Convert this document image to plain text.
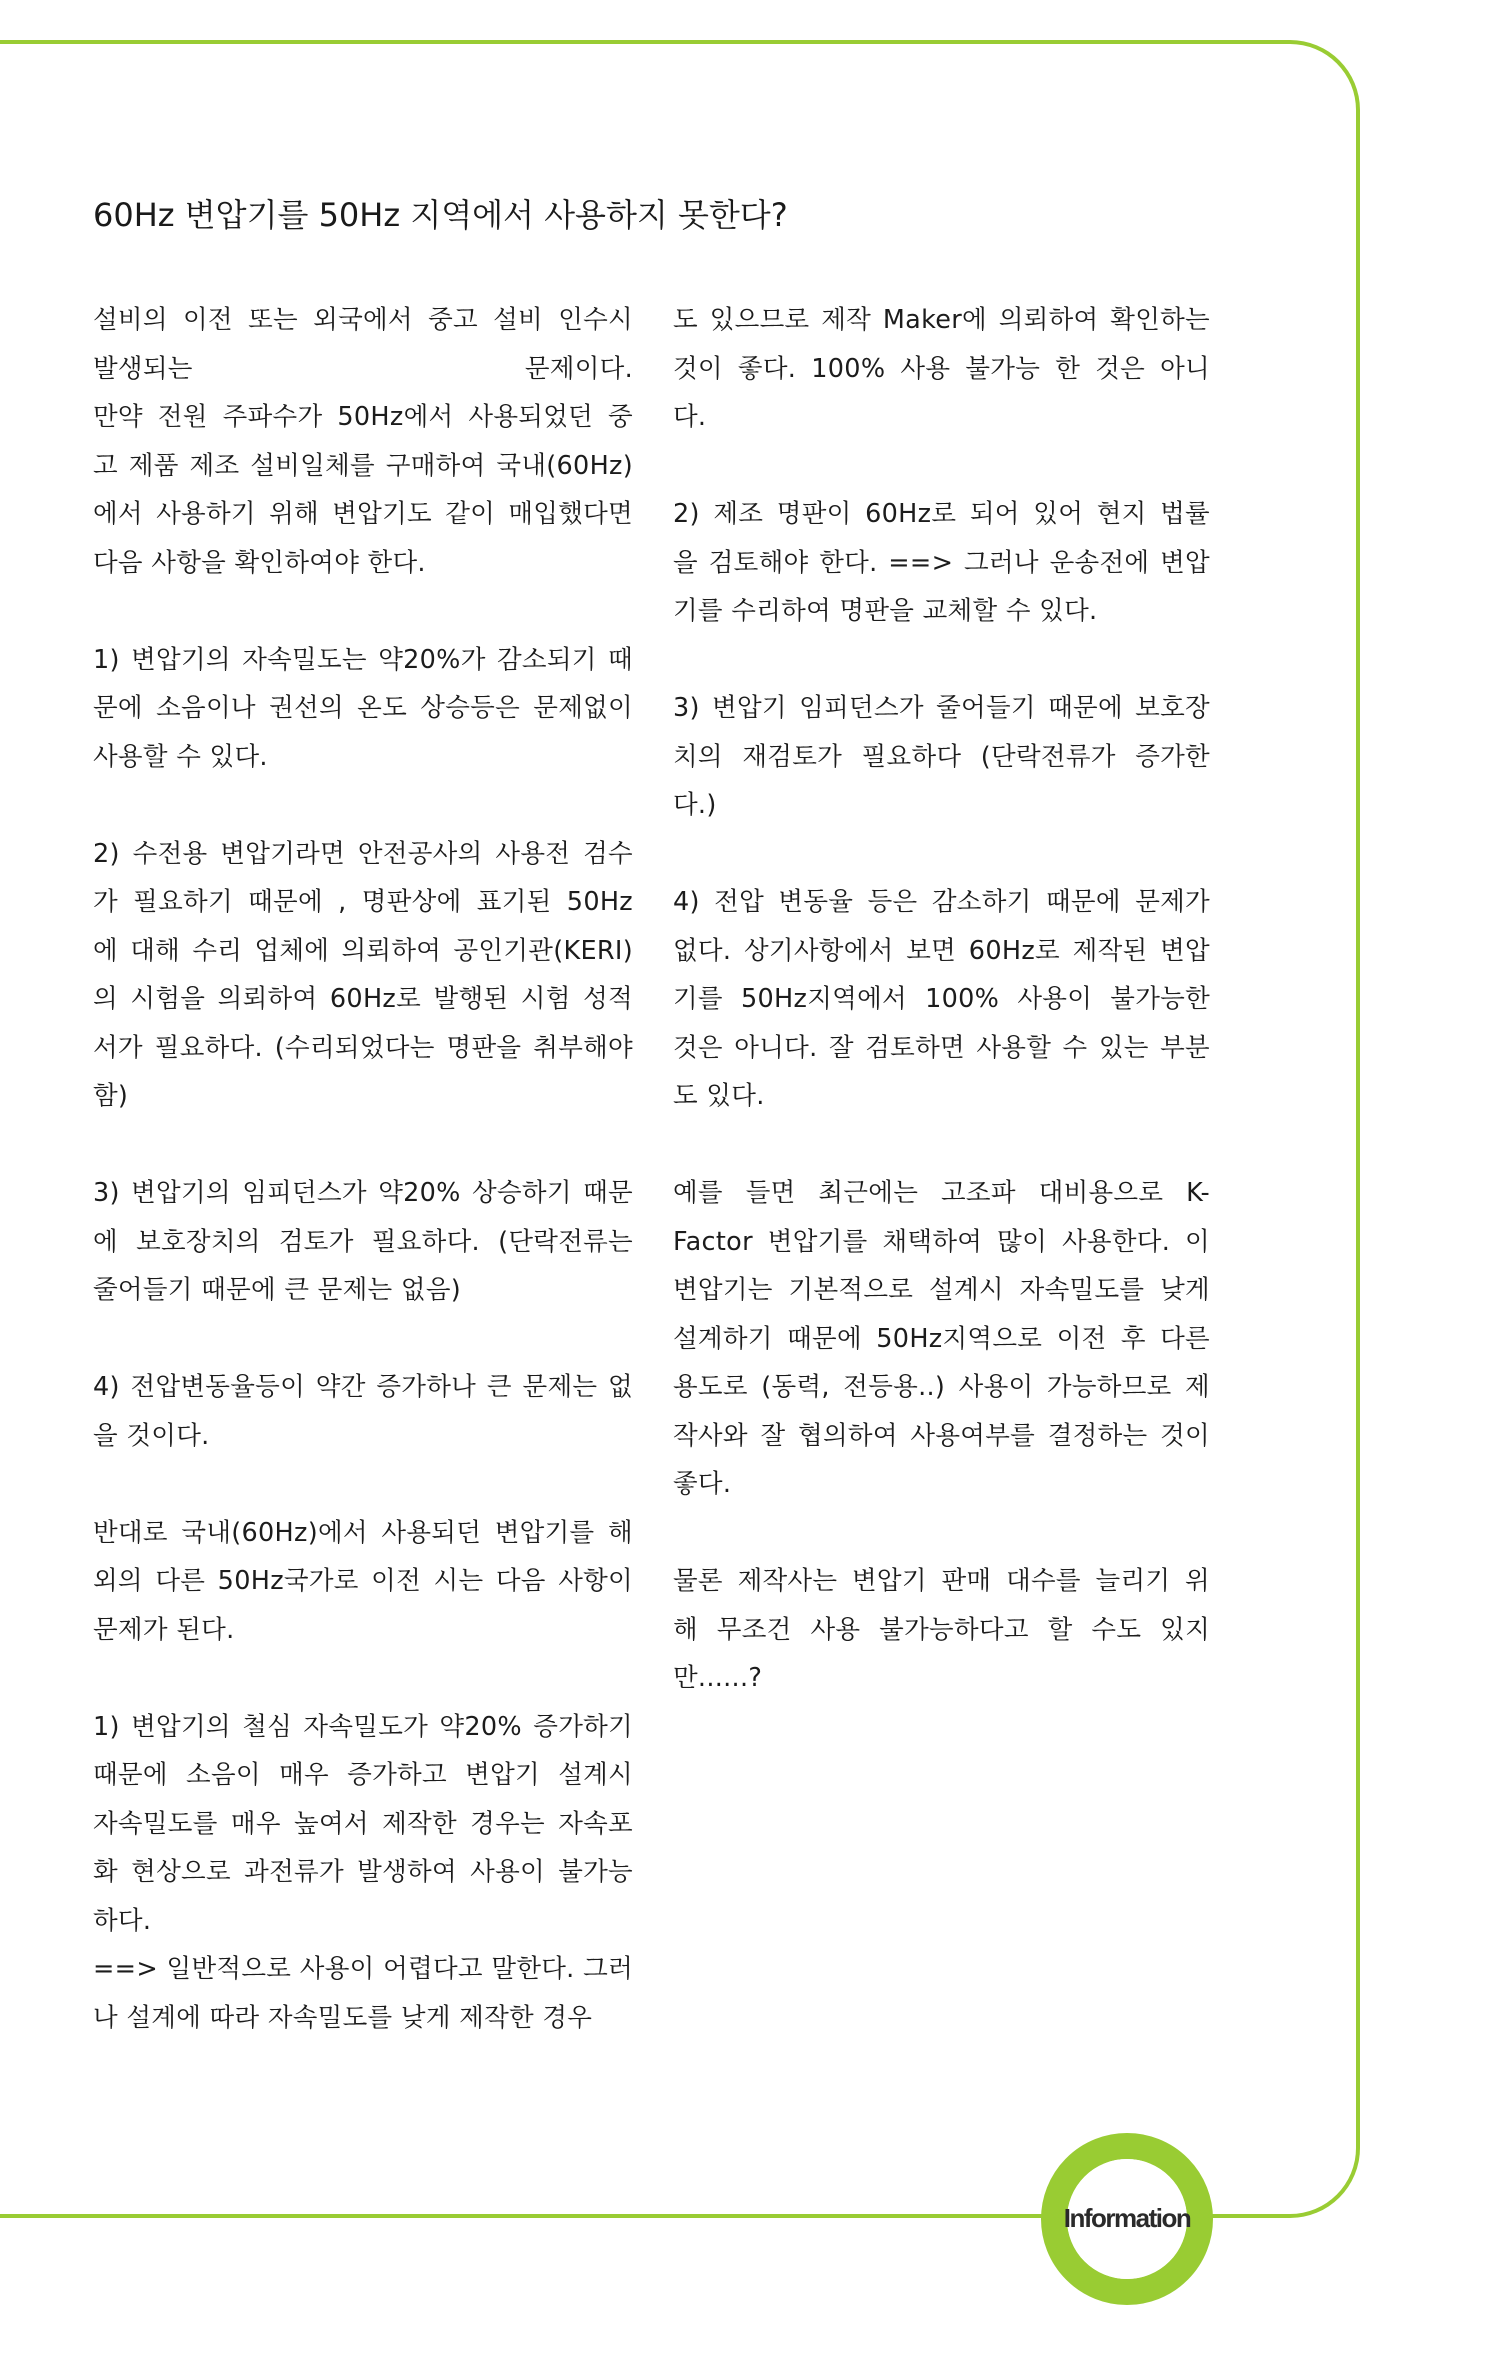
60Hz 변압기를 50Hz 지역에서 사용하지 못한다?

설비의 이전 또는 외국에서 중고 설비 인수시

발생되는 문제이다.

만약 전원 주파수가 50Hz에서 사용되었던 중

고 제품 제조 설비일체를 구매하여 국내(60Hz)

에서 사용하기 위해 변압기도 같이 매입했다면

다음 사항을 확인하여야 한다.

1) 변압기의 자속밀도는 약20%가 감소되기 때

문에 소음이나 권선의 온도 상승등은 문제없이

사용할 수 있다.

2) 수전용 변압기라면 안전공사의 사용전 검수

가 필요하기 때문에 , 명판상에 표기된 50Hz

에 대해 수리 업체에 의뢰하여 공인기관(KERI)

의 시험을 의뢰하여 60Hz로 발행된 시험 성적

서가 필요하다. (수리되었다는 명판을 취부해야

함)

3) 변압기의 임피던스가 약20% 상승하기 때문

에 보호장치의 검토가 필요하다. (단락전류는

줄어들기 때문에 큰 문제는 없음)

4) 전압변동율등이 약간 증가하나 큰 문제는 없

을 것이다.

반대로 국내(60Hz)에서 사용되던 변압기를 해

외의 다른 50Hz국가로 이전 시는 다음 사항이

문제가 된다.

1) 변압기의 철심 자속밀도가 약20% 증가하기

때문에 소음이 매우 증가하고 변압기 설계시

자속밀도를 매우 높여서 제작한 경우는 자속포

화 현상으로 과전류가 발생하여 사용이 불가능

하다.

==> 일반적으로 사용이 어렵다고 말한다. 그러

나 설계에 따라 자속밀도를 낮게 제작한 경우

도 있으므로 제작 Maker에 의뢰하여 확인하는

것이 좋다. 100% 사용 불가능 한 것은 아니

다.

2) 제조 명판이 60Hz로 되어 있어 현지 법률

을 검토해야 한다. ==> 그러나 운송전에 변압

기를 수리하여 명판을 교체할 수 있다.

3) 변압기 임피던스가 줄어들기 때문에 보호장

치의 재검토가 필요하다 (단락전류가 증가한

다.)

4) 전압 변동율 등은 감소하기 때문에 문제가

없다. 상기사항에서 보면 60Hz로 제작된 변압

기를 50Hz지역에서 100% 사용이 불가능한

것은 아니다. 잘 검토하면 사용할 수 있는 부분

도 있다.

예를 들면 최근에는 고조파 대비용으로 K-

Factor 변압기를 채택하여 많이 사용한다. 이

변압기는 기본적으로 설계시 자속밀도를 낮게

설계하기 때문에 50Hz지역으로 이전 후 다른

용도로 (동력, 전등용..) 사용이 가능하므로 제

작사와 잘 협의하여 사용여부를 결정하는 것이

좋다.

물론 제작사는 변압기 판매 대수를 늘리기 위

해 무조건 사용 불가능하다고 할 수도 있지

만......?

Information
